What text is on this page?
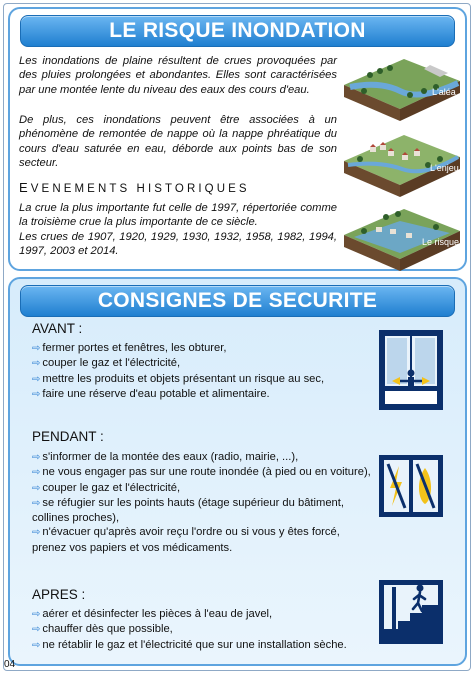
LE RISQUE INONDATION

Les inondations de plaine résultent de crues provoquées par des pluies prolongées et abondantes. Elles sont caractérisées par une montée lente du niveau des eaux des cours d'eau.

De plus, ces inondations peuvent être associées à un phénomène de remontée de nappe où la nappe phréatique du cours d'eau saturée en eau, déborde aux points bas de son secteur.

EVENEMENTS HISTORIQUES
La crue la plus importante fut celle de 1997, répertoriée comme la troisième crue la plus importante de ce siècle.
Les crues de 1907, 1920, 1929, 1930, 1932, 1958, 1982, 1994, 1997, 2003 et 2014.
L'aléa
L'enjeu
Le risque
CONSIGNES DE SECURITE
AVANT :
⇨ fermer portes et fenêtres, les obturer,
⇨ couper le gaz et l'électricité,
⇨ mettre les produits et objets présentant un risque au sec,
⇨ faire une réserve d'eau potable et alimentaire.
PENDANT :
⇨ s'informer de la montée des eaux (radio, mairie, ...),
⇨ ne vous engager pas sur une route inondée (à pied ou en voiture),
⇨ couper le gaz et l'électricité,
⇨ se réfugier sur les points hauts (étage supérieur du bâtiment, collines proches),
⇨ n'évacuer qu'après avoir reçu l'ordre ou si vous y êtes forcé, prenez vos papiers et vos médicaments.
APRES :
⇨ aérer et désinfecter les pièces à l'eau de javel,
⇨ chauffer dès que possible,
⇨ ne rétablir le gaz et l'électricité que sur une installation sèche.
04
